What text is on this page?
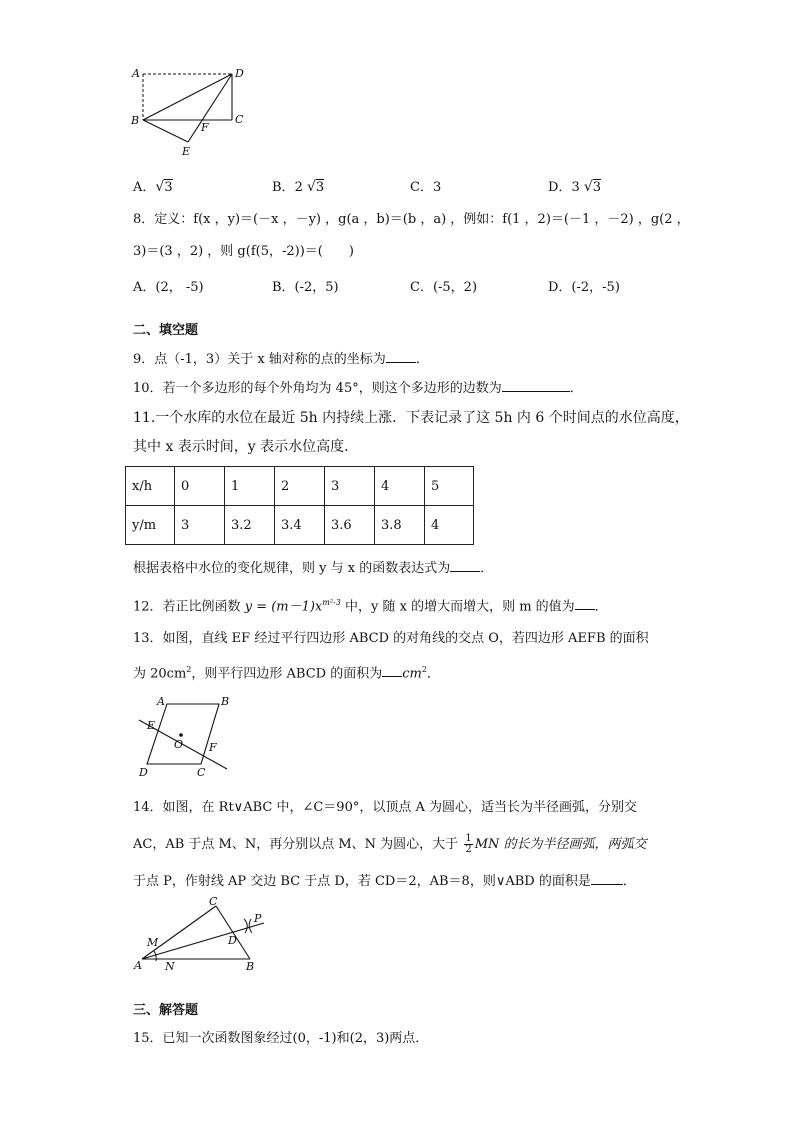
A	D
B
F
C
E
A．√3	B．2 √3	C．3	D．3 √3
8．定义：f(x ，y)＝(－x ，－y) ，g(a ，b)＝(b ，a) ，例如：f(1 ，2)＝(－1 ，－2) ，g(2 ，
3)＝(3 ，2) ，则 g(f(5，-2))＝(　　)
A．(2， -5)	B．(-2，5)	C．(-5，2)	D．(-2，-5)
二、填空题
9．点（-1，3）关于 x 轴对称的点的坐标为 ．
10．若一个多边形的每个外角均为 45°，则这个多边形的边数为	．
11.一个水库的水位在最近 5h 内持续上涨．下表记录了这 5h 内 6 个时间点的水位高度，
其中 x 表示时间，y 表示水位高度．
x/h	0	1	2	3	4	5
y/m	3	3.2	3.4	3.6	3.8	4
根据表格中水位的变化规律，则 y 与 x 的函数表达式为 ．
12．若正比例函数 $y = (m-1)x^{m^2-3}$ 中，y 随 x 的增大而增大，则 m 的值为 ．
13．如图，直线 EF 经过平行四边形 ABCD 的对角线的交点 O，若四边形 AEFB 的面积
为 $20cm^2$，则平行四边形 ABCD 的面积为 $cm^2$．
A	B
E
O F
D	C
14．如图，在 Rt∨ABC 中，∠C＝90°，以顶点 A 为圆心，适当长为半径画弧，分别交
AC，AB 于点 M、N，再分别以点 M、N 为圆心，大于 $\frac{1}{2}$ MN 的长为半径画弧，两弧交
于点 P，作射线 AP 交边 BC 于点 D，若 CD＝2，AB＝8，则∨ABD 的面积是 ．
C
P
M	D
A N	B
三、解答题
15．已知一次函数图象经过(0，-1)和(2，3)两点．
